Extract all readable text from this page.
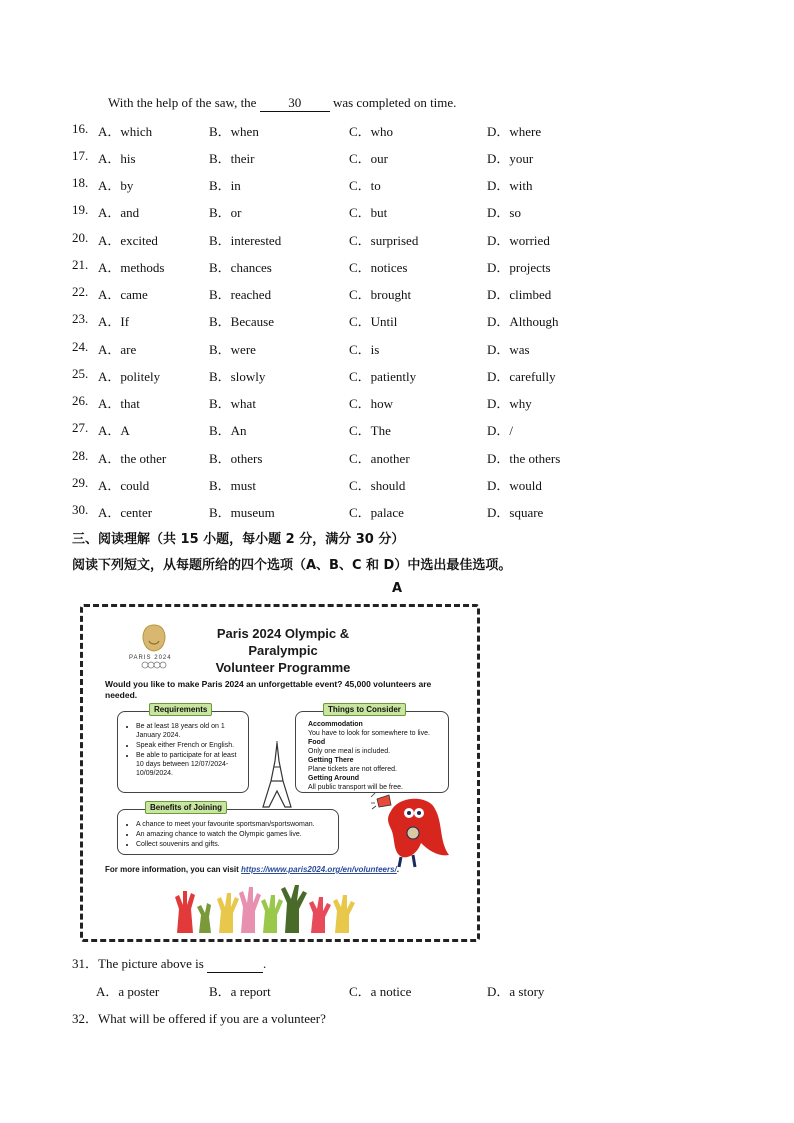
With the help of the saw, the 30 was completed on time.
16. A．which	B．when	C．who	D．where
17. A．his	B．their	C．our	D．your
18. A．by	B．in	C．to	D．with
19. A．and	B．or	C．but	D．so
20. A．excited	B．interested	C．surprised	D．worried
21. A．methods	B．chances	C．notices	D．projects
22. A．came	B．reached	C．brought	D．climbed
23. A．If	B．Because	C．Until	D．Although
24. A．are	B．were	C．is	D．was
25. A．politely	B．slowly	C．patiently	D．carefully
26. A．that	B．what	C．how	D．why
27. A．A	B．An	C．The	D．/
28. A．the other	B．others	C．another	D．the others
29. A．could	B．must	C．should	D．would
30. A．center	B．museum	C．palace	D．square
三、阅读理解（共 15 小题，每小题 2 分，满分 30 分）
阅读下列短文，从每题所给的四个选项（A、B、C 和 D）中选出最佳选项。
A
PARIS 2024
Paris 2024 Olympic & Paralympic
Volunteer Programme
Would you like to make Paris 2024 an unforgettable event? 45,000 volunteers are needed.
• Be at least 18 years old on 1 January 2024.
• Speak either French or English.
• Be able to participate for at least 10 days between 12/07/2024-10/09/2024.
Requirements
Accommodation
You have to look for somewhere to live.
Food
Only one meal is included.
Getting There
Plane tickets are not offered.
Getting Around
All public transport will be free.
Things to Consider
• A chance to meet your favourite sportsman/sportswoman.
• An amazing chance to watch the Olympic games live.
• Collect souvenirs and gifts.
Benefits of Joining
For more information, you can visit https://www.paris2024.org/en/volunteers/.
31．The picture above is	.
A．a poster	B．a report	C．a notice	D．a story
32．What will be offered if you are a volunteer?
